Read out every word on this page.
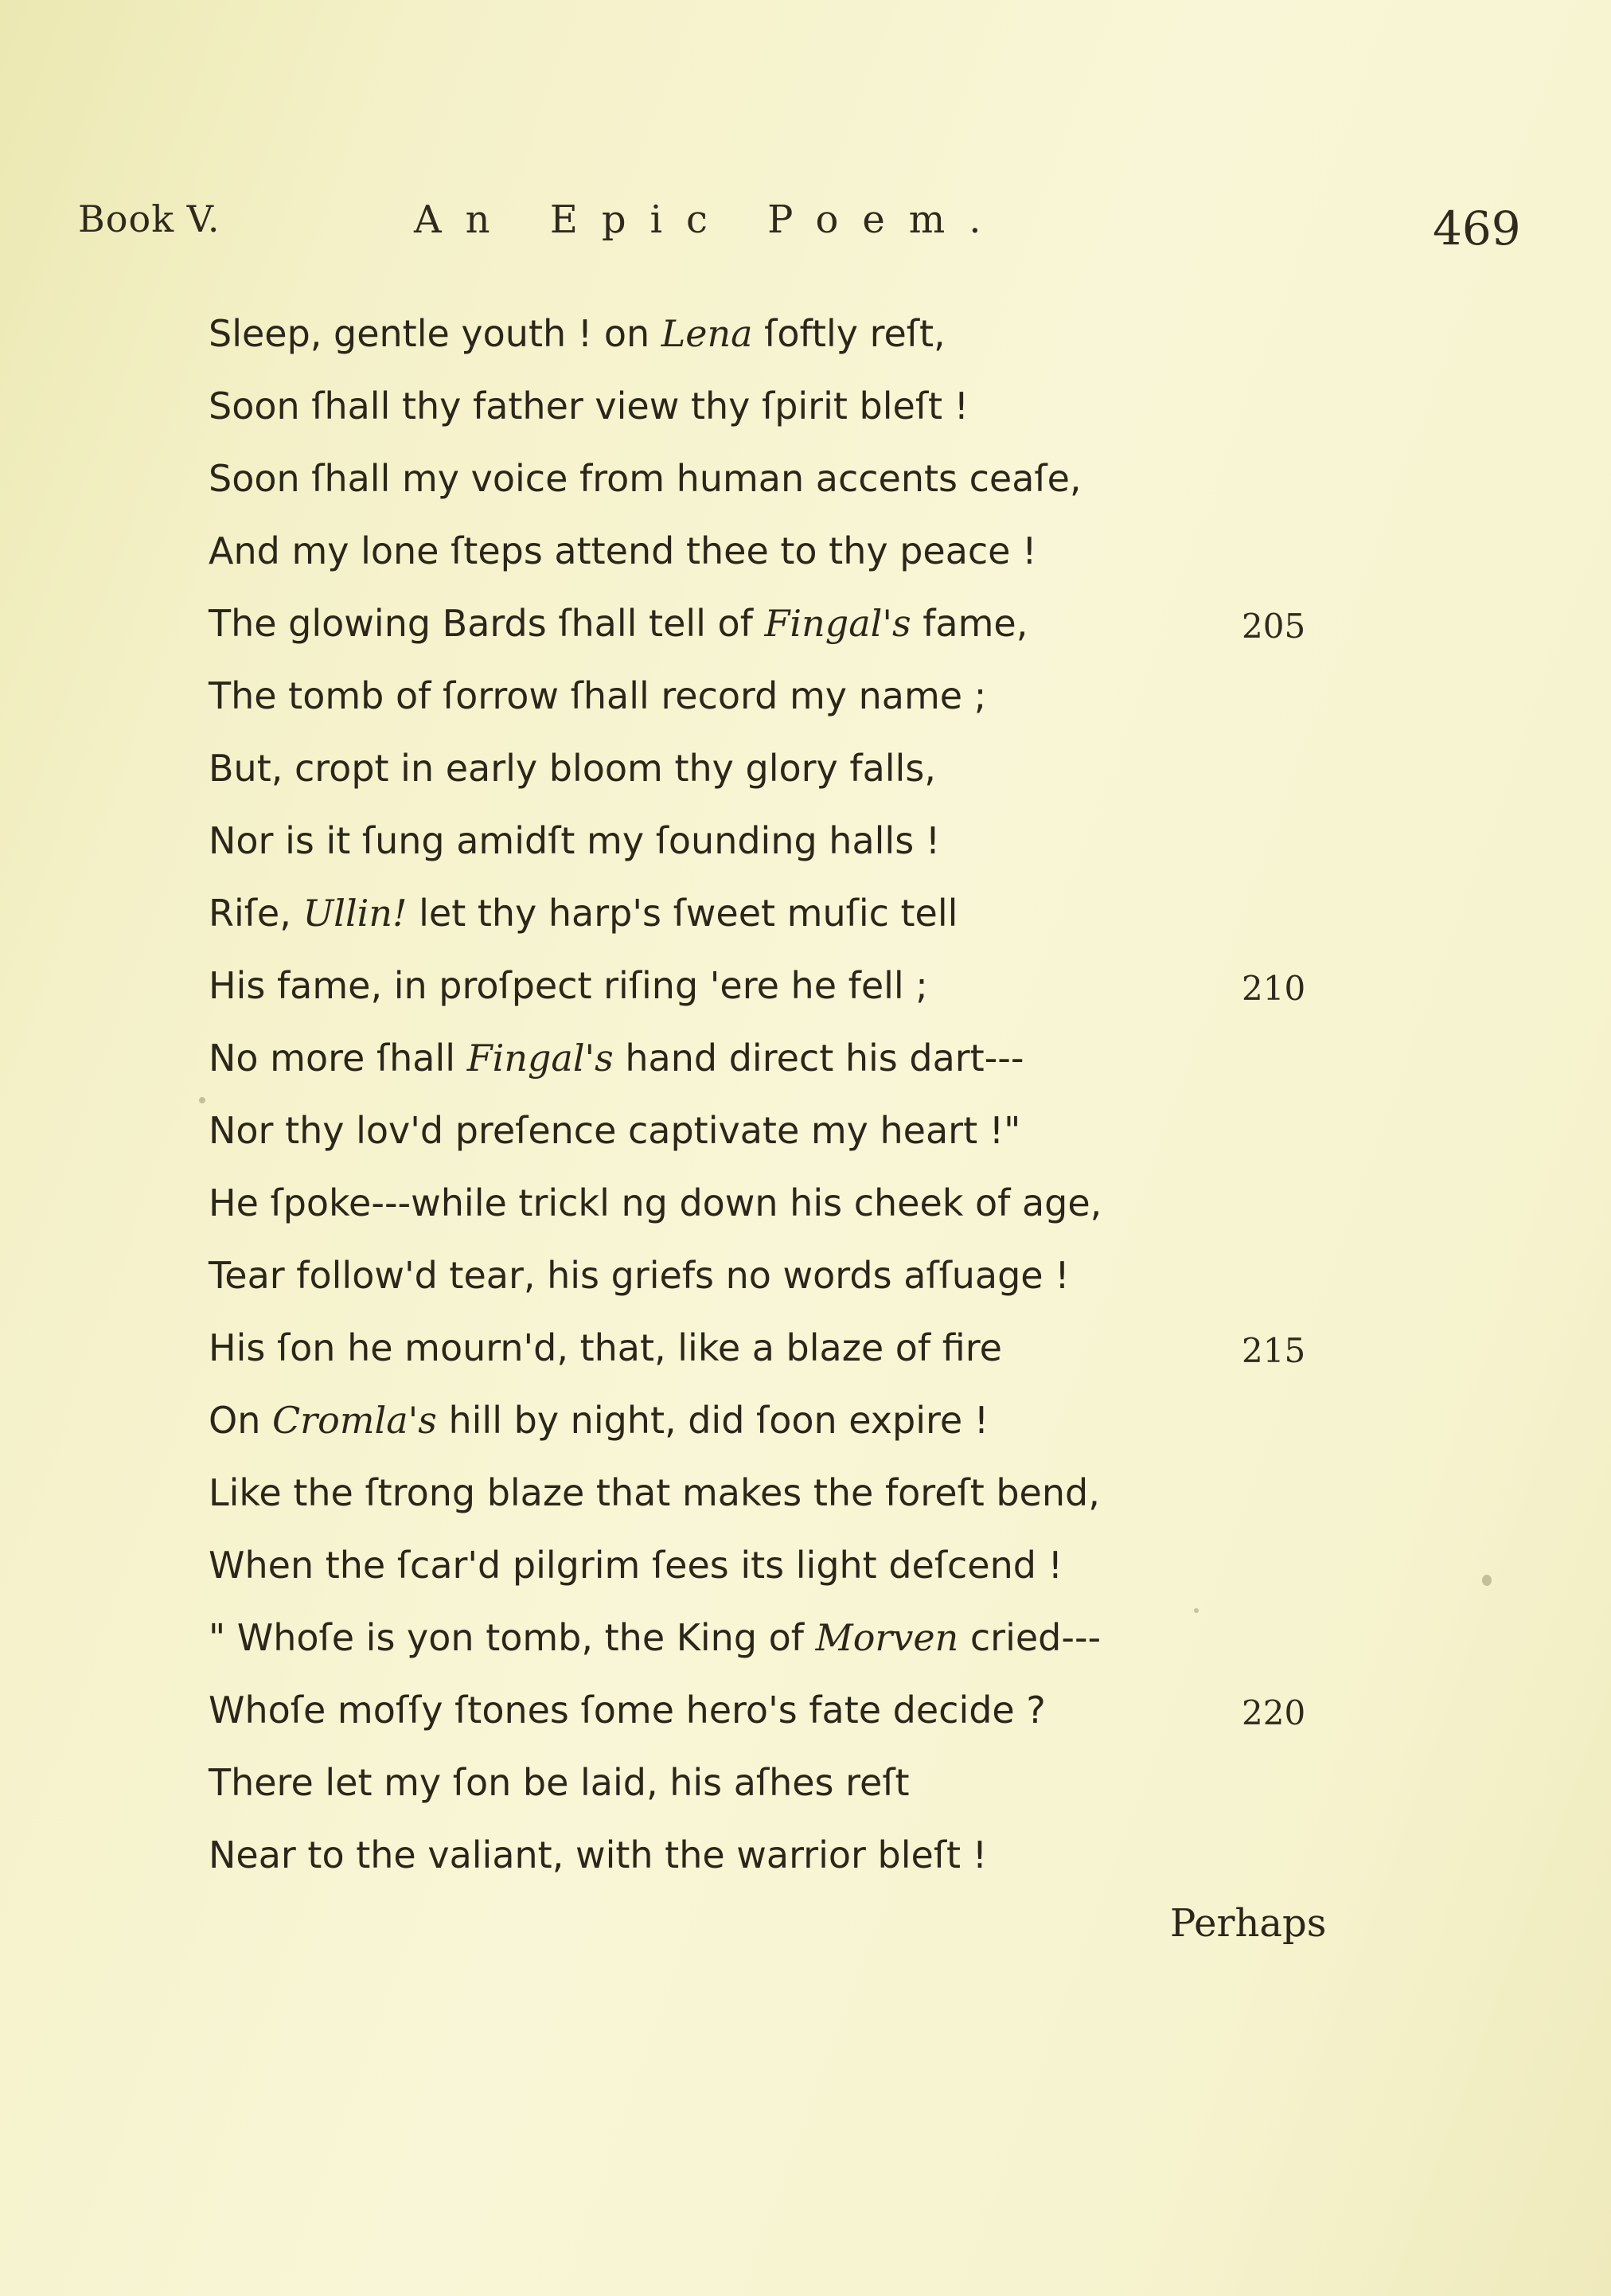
Book V.	An Epic Poem.	469
Sleep, gentle youth ! on Lena ſoftly reſt,
Soon ſhall thy father view thy ſpirit bleſt !
Soon ſhall my voice from human accents ceaſe,
And my lone ſteps attend thee to thy peace !
The glowing Bards ſhall tell of Fingal's fame,	205
The tomb of ſorrow ſhall record my name ;
But, cropt in early bloom thy glory falls,
Nor is it ſung amidſt my ſounding halls !
Riſe, Ullin! let thy harp's ſweet muſic tell
His fame, in proſpect riſing 'ere he fell ;	210
No more ſhall Fingal's hand direct his dart---
Nor thy lov'd preſence captivate my heart !"
He ſpoke---while trickl ng down his cheek of age,
Tear follow'd tear, his griefs no words aſſuage !
His ſon he mourn'd, that, like a blaze of fire	215
On Cromla's hill by night, did ſoon expire !
Like the ſtrong blaze that makes the foreſt bend,
When the ſcar'd pilgrim ſees its light deſcend !
" Whoſe is yon tomb, the King of Morven cried---
Whoſe moſſy ſtones ſome hero's fate decide ?	220
There let my ſon be laid, his aſhes reſt
Near to the valiant, with the warrior bleſt !
Perhaps
